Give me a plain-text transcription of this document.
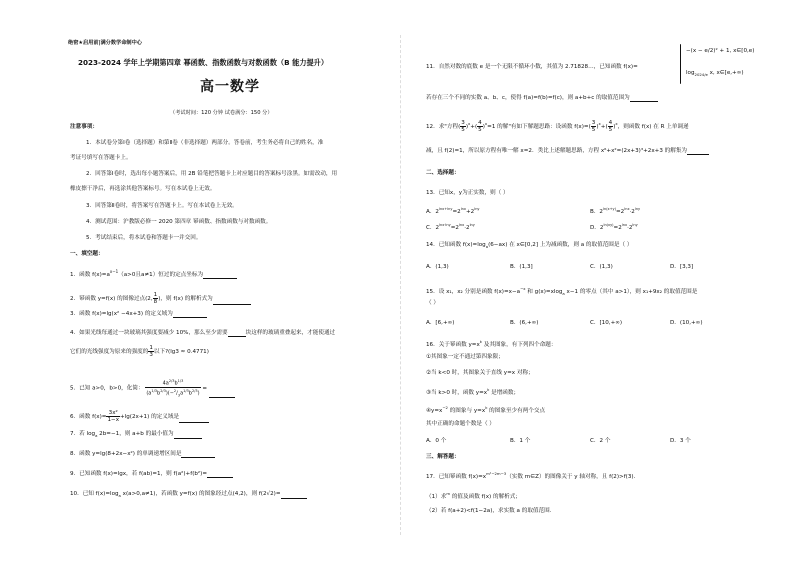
绝密★启用前|满分数学命制中心
2023-2024 学年上学期第四章 幂函数、指数函数与对数函数（B 能力提升）
高一数学
（考试时间：120 分钟 试卷满分：150 分）
注意事项：
1．本试卷分第Ⅰ卷（选择题）和第Ⅱ卷（非选择题）两部分。答卷前，考生务必将自己的姓名，准
考证号填写在答题卡上。
2．回答第Ⅰ卷时，选出每小题答案后，用 2B 铅笔把答题卡上对应题目的答案标号涂黑。如需改动，用
橡皮擦干净后，再选涂其他答案标号。写在本试卷上无效。
3．回答第Ⅱ卷时，将答案写在答题卡上。写在本试卷上无效。
4．测试范围：沪教版必修一 2020 第四章 幂函数、指数函数与对数函数。
5．考试结束后，将本试卷和答题卡一并交回。
一、填空题：
1．函数 $f(x)=a^{x-1}(a>0$且a≠1）恒过的定点坐标为
2．幂函数 y=f(x) 的图像过点(2, $\frac{1}{8}$ )，则 f(x) 的解析式为
3．函数 f(x)=lg(x² −4x+3) 的定义域为
4．如果光线每通过一块玻璃其强度要减少 10%，那么至少需要	块这样的玻璃重叠起来，才能使通过
它们的光线强度为原来的强度的 $\frac{1}{3}$ 以下?(lg3 ≈ 0.4771)
5．已知 a>0，b>0，化简： $\frac{4a^{2/3}b^{1/3}}{(a^{1/3}b^{2/3})(-^2/_3a^{1/3}b^{2/3})}$ =
6．函数 $f(x)= \frac{\text{3x²}}{1-x} +\lg(2x+1)$ 的定义域是
7．若 $\log_a 2b=-1$，则 a+b 的最小值为
8．函数 y=lg(8+2x−x²) 的单调递增区间是
9．已知函数 f(x)=lgx，若 f(ab)=1，则 f(a²)+f(b²)=
10．已知 $f(x)=\log_a$ x(a>0,a≠1)，若函数 y=f(x) 的图象经过点(4,2)，则 f(2√2)=
11．自然对数的底数 e 是一个无限不循环小数，其值为 2.71828…，已知函数 f(x)=
−(x − e/2)² + 1, x∈[0,e)
$\log_{2024/e} x$, x∈[e,+∞)
若存在三个不同的实数 a、b、c，使得 f(a)=f(b)=f(c)，则 a+b+c 的取值范围为
12．求"方程( $\frac{3}{5} )^x+( \frac{4}{5} )^x=1$ 的解"有如下解题思路：设函数 $f(x)=( \frac{3}{5} )^x+( \frac{4}{5} )^x$，则函数 f(x) 在 R 上单调递
减，且 f(2)=1，所以原方程有唯一解 x=2．类比上述解题思路，方程 x⁶+x²=(2x+3)³+2x+3 的解集为
二、选择题：
13．已知x，y为正实数，则（ ）
A．$2^{lnx+lny}=2^{lnx}+2^{lny}$	B．$2^{ln(x+y)}=2^{lnx}\cdot 2^{lny}$
C．$2^{lnx\cdot lny}=2^{lnx}\cdot 2^{lny}$	D．$2^{ln(xy)}=2^{lnx}\cdot 2^{lny}$
14．已知函数 $f(x)=\log_a(6-ax)$ 在 x∈[0,2] 上为减函数，则 a 的取值范围是（ ）
A．(1,3)	B．(1,3]	C．(1,3)	D．[3,3]
15．设 x₁，x₂ 分别是函数 $f(x)=x-a^{-x}$ 和 g(x)=xlog$_a$ x−1 的零点（其中 a>1），则 x₁+9x₂ 的取值范围是
（ ）
A．[6,+∞)	B．(6,+∞)	C．[10,+∞)	D．(10,+∞)
16．关于幂函数 $y=x^k$ 及其图象，有下列四个命题：
①其图象一定不通过第四象限；
②当 k<0 时，其图象关于直线 y=x 对称；
③当 k>0 时，函数 $y=x^k$ 是增函数；
$④y=x^{-2}$ 的图象与 $y=x^k$ 的图象至少有两个交点
其中正确的命题个数是（ ）
A．0 个	B．1 个	C．2 个	D．3 个
三、解答题：
17．已知幂函数 $f(x)=x^{m^2-2m-3}$（实数 m∈Z）的图像关于 y 轴对称，且 f(2)>f(3)．
（1）求$^m$ 的值及函数 f(x) 的解析式；
（2）若 f(a+2)<f(1−2a)，求实数 a 的取值范围.
